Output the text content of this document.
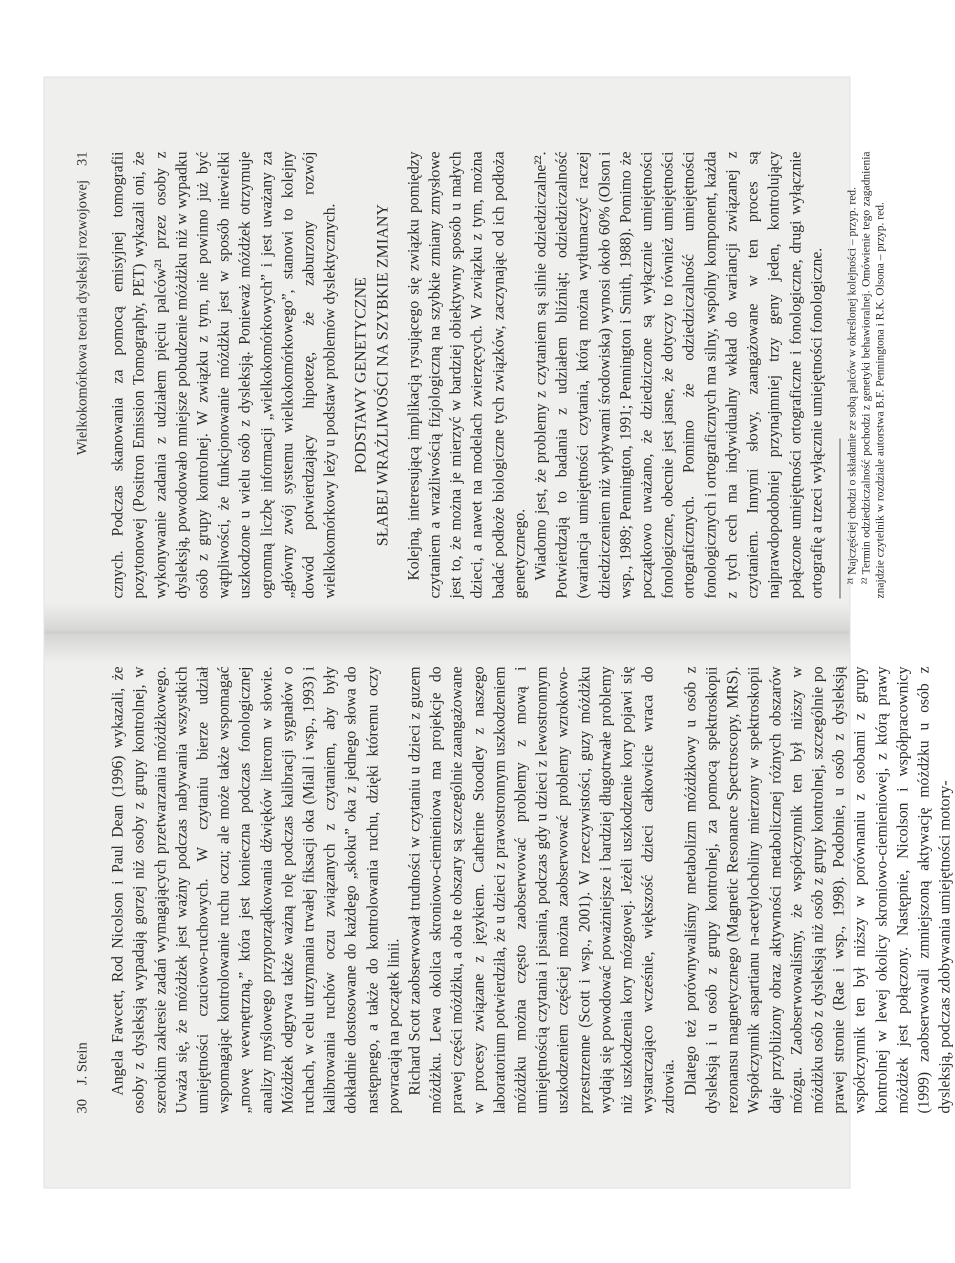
30
J. Stein Angela Fawcett, Rod Nicolson i Paul Dean (1996) wykazali, że osoby z dysleksją wypadają gorzej niż osoby z grupy kontrolnej, w szerokim zakresie zadań wymagających przetwarzania móżdżkowego. Uważa się, że móżdżek jest ważny podczas nabywania wszystkich umiejętności czuciowo-ruchowych. W czytaniu bierze udział wspomagając kontrolowanie ruchu oczu; ale może także wspomagać „mowę wewnętrzną,” która jest konieczna podczas fonologicznej analizy myślowego przyporządkowania dźwięków literom w słowie. Móżdżek odgrywa także ważną rolę podczas kalibracji sygnałów o ruchach, w celu utrzymania trwałej fiksacji oka (Miall i wsp., 1993) i kalibrowania ruchów oczu związanych z czytaniem, aby były dokładnie dostosowane do każdego „skoku” oka z jednego słowa do następnego, a także do kontrolowania ruchu, dzięki któremu oczy powracają na początek linii. Richard Scott zaobserwował trudności w czytaniu u dzieci z guzem móżdżku. Lewa okolica skroniowo-ciemieniowa ma projekcje do prawej części móżdżku, a oba te obszary są szczególnie zaangażowane w procesy związane z językiem. Catherine Stoodley z naszego laboratorium potwierdziła, że u dzieci z prawostronnym uszkodzeniem móżdżku można często zaobserwować problemy z mową i umiejętnością czytania i pisania, podczas gdy u dzieci z lewostronnym uszkodzeniem częściej można zaobserwować problemy wzrokowo-przestrzenne (Scott i wsp., 2001). W rzeczywistości, guzy móżdżku wydają się powodować poważniejsze i bardziej długotrwałe problemy niż uszkodzenia kory mózgowej. Jeżeli uszkodzenie kory pojawi się wystarczająco wcześnie, większość dzieci całkowicie wraca do zdrowia. Dlatego też porównywaliśmy metabolizm móżdżkowy u osób z dysleksją i u osób z grupy kontrolnej, za pomocą spektroskopii rezonansu magnetycznego (Magnetic Resonance Spectroscopy, MRS). Współczynnik aspartianu n-acetylocholiny mierzony w spektroskopii daje przybliżony obraz aktywności metabolicznej różnych obszarów mózgu. Zaobserwowaliśmy, że współczynnik ten był niższy w móżdżku osób z dysleksją niż osób z grupy kontrolnej, szczególnie po prawej stronie (Rae i wsp., 1998). Podobnie, u osób z dysleksją współczynnik ten był niższy w porównaniu z osobami z grupy kontrolnej w lewej okolicy skroniowo-ciemieniowej, z którą prawy móżdżek jest połączony. Następnie, Nicolson i współpracownicy (1999) zaobserwowali zmniejszoną aktywację móżdżku u osób z dysleksją, podczas zdobywania umiejętności motory-

Wielkokomórkowa teoria dysleksji rozwojowej
31 cznych. Podczas skanowania za pomocą emisyjnej tomografii pozytonowej (Positron Emission Tomography, PET) wykazali oni, że wykonywanie zadania z udziałem pięciu palców²¹ przez osoby z dysleksją, powodowało mniejsze pobudzenie móżdżku niż w wypadku osób z grupy kontrolnej. W związku z tym, nie powinno już być wątpliwości, że funkcjonowanie móżdżku jest w sposób niewielki uszkodzone u wielu osób z dysleksją. Ponieważ móżdżek otrzymuje ogromną liczbę informacji „wielkokomórkowych” i jest uważany za „główny zwój systemu wielkokomórkowego”, stanowi to kolejny dowód potwierdzający hipotezę, że zaburzony rozwój wielkokomórkowy leży u podstaw problemów dyslektycznych. PODSTAWY GENETYCZNE SŁABEJ WRAŻLIWOŚCI NA SZYBKIE ZMIANY Kolejną, interesującą implikacją rysującego się związku pomiędzy czytaniem a wrażliwością fizjologiczną na szybkie zmiany zmysłowe jest to, że można je mierzyć w bardziej obiektywny sposób u małych dzieci, a nawet na modelach zwierzęcych. W związku z tym, można badać podłoże biologiczne tych związków, zaczynając od ich podłoża genetycznego. Wiadomo jest, że problemy z czytaniem są silnie odziedziczalne²². Potwierdzają to badania z udziałem bliźniąt; odziedziczalność (wariancja umiejętności czytania, którą można wytłumaczyć raczej dziedziczeniem niż wpływami środowiska) wynosi około 60% (Olson i wsp., 1989; Pennington, 1991; Pennington i Smith, 1988). Pomimo że początkowo uważano, że dziedziczone są wyłącznie umiejętności fonologiczne, obecnie jest jasne, że dotyczy to również umiejętności ortograficznych. Pomimo że odziedziczalność umiejętności fonologicznych i ortograficznych ma silny, wspólny komponent, każda z tych cech ma indywidualny wkład do wariancji związanej z czytaniem. Innymi słowy, zaangażowane w ten proces są najprawdopodobniej przynajmniej trzy geny jeden, kontrolujący połączone umiejętności ortograficzne i fonologiczne, drugi wyłącznie ortografię a trzeci wyłącznie umiejętności fonologiczne. ²¹ Najczęściej chodzi o składanie ze sobą palców w określonej kolejności – przyp. red. ²² Termin odziedziczalność pochodzi z genetyki behawioralnej. Omówienie tego zagadnienia znajdzie czytelnik w rozdziale autorstwa B.F. Penningtona i R.K. Olsona – przyp. red.
